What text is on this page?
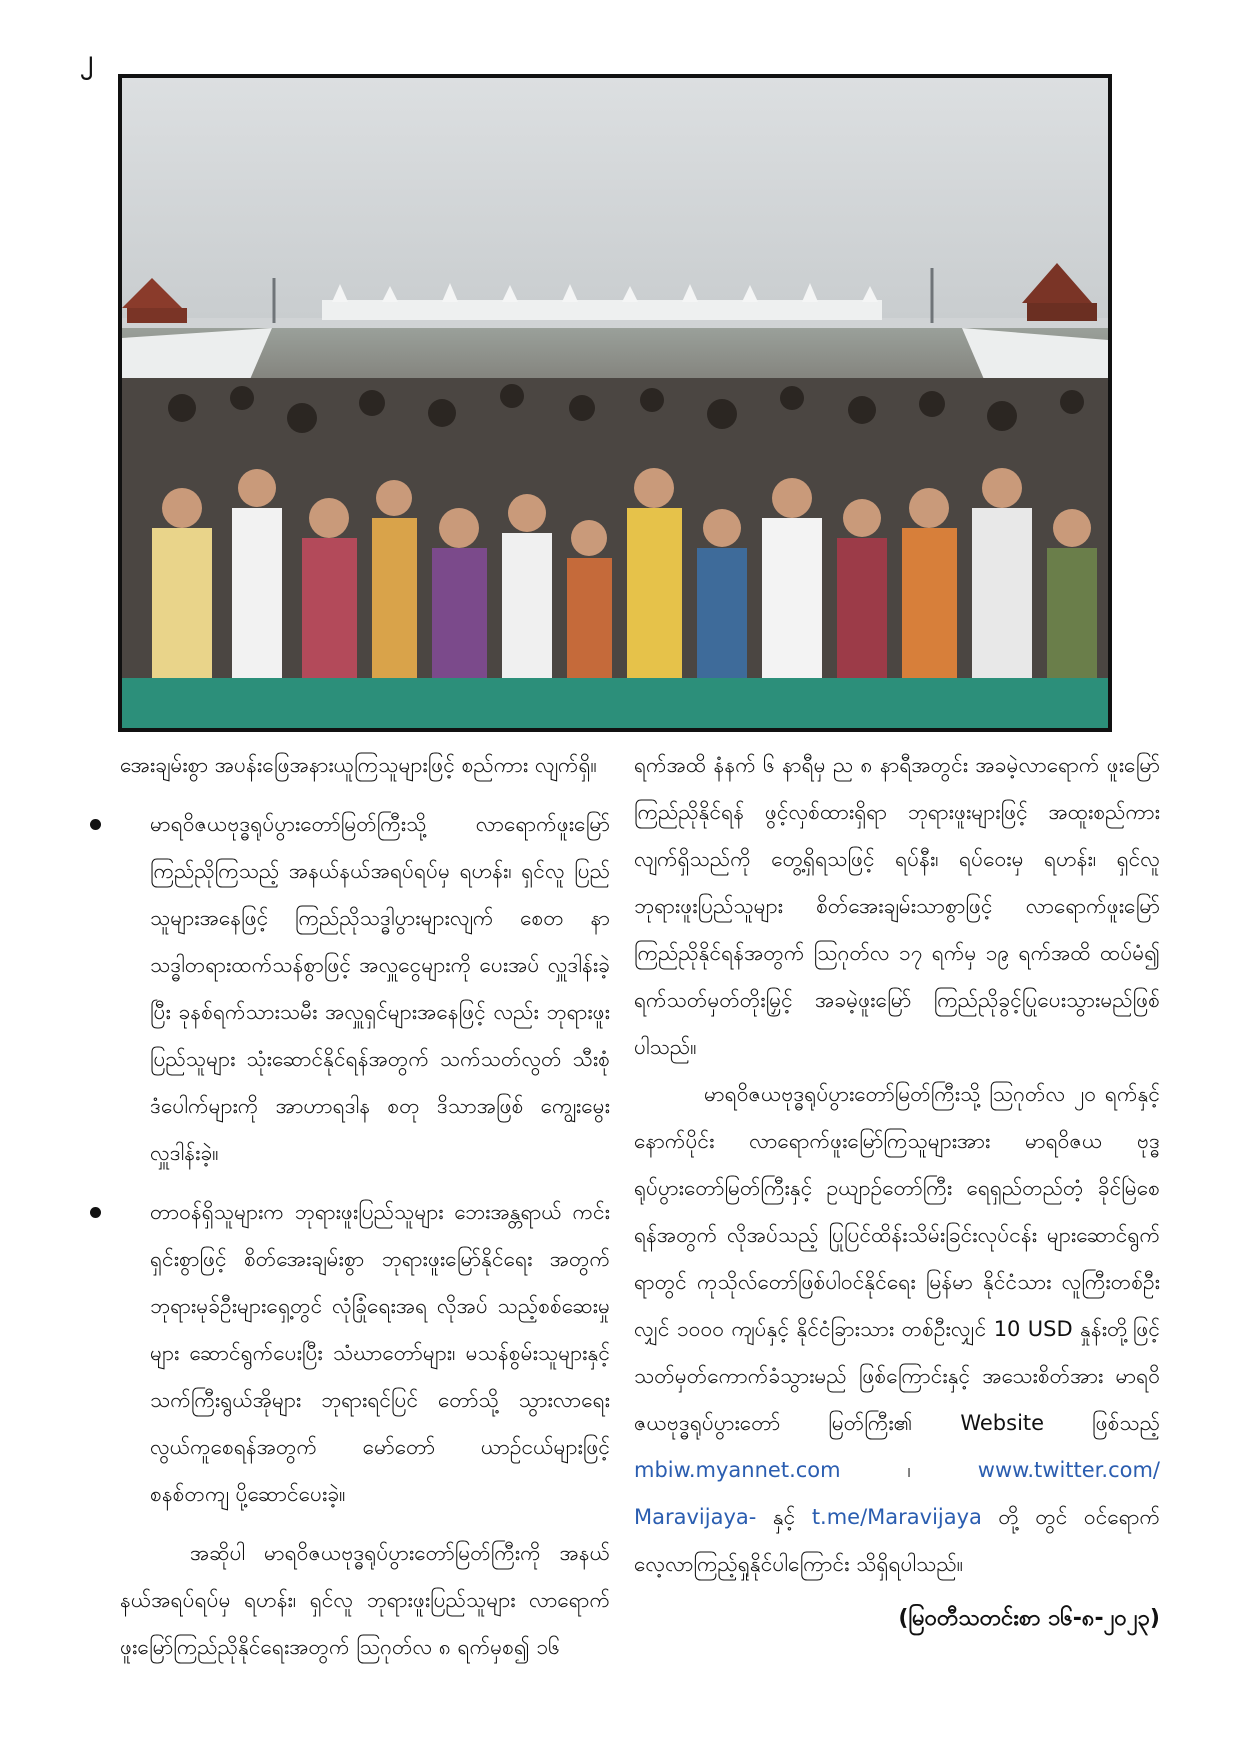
၂

အေးချမ်းစွာ အပန်းဖြေအနားယူကြသူများဖြင့် စည်ကား လျက်ရှိ။

မာရဝိဇယဗုဒ္ဓရုပ်ပွားတော်မြတ်ကြီးသို့ လာရောက်ဖူးမြော် ကြည်ညိုကြသည့် အနယ်နယ်အရပ်ရပ်မှ ရဟန်း၊ ရှင်လူ ပြည်သူများအနေဖြင့် ကြည်ညိုသဒ္ဓါပွားများလျက် စေတ နာသဒ္ဓါတရားထက်သန်စွာဖြင့် အလှူငွေများကို ပေးအပ် လှူဒါန်းခဲ့ပြီး ခုနစ်ရက်သားသမီး အလှူရှင်များအနေဖြင့် လည်း ဘုရားဖူးပြည်သူများ သုံးဆောင်နိုင်ရန်အတွက် သက်သတ်လွတ် သီးစုံဒံပေါက်များကို အာဟာရဒါန စတု ဒိသာအဖြစ် ကျွေးမွေးလှူဒါန်းခဲ့။

တာဝန်ရှိသူများက ဘုရားဖူးပြည်သူများ ဘေးအန္တရာယ် ကင်းရှင်းစွာဖြင့် စိတ်အေးချမ်းစွာ ဘုရားဖူးမြော်နိုင်ရေး အတွက် ဘုရားမုခ်ဦးများရှေ့တွင် လုံခြုံရေးအရ လိုအပ် သည့်စစ်ဆေးမှုများ ဆောင်ရွက်ပေးပြီး သံဃာတော်များ၊ မသန်စွမ်းသူများနှင့် သက်ကြီးရွယ်အိုများ ဘုရားရင်ပြင် တော်သို့ သွားလာရေးလွယ်ကူစေရန်အတွက် မော်တော် ယာဉ်ငယ်များဖြင့် စနစ်တကျ ပို့ဆောင်ပေးခဲ့။

အဆိုပါ မာရဝိဇယဗုဒ္ဓရုပ်ပွားတော်မြတ်ကြီးကို အနယ် နယ်အရပ်ရပ်မှ ရဟန်း၊ ရှင်လူ ဘုရားဖူးပြည်သူများ လာရောက် ဖူးမြော်ကြည်ညိုနိုင်ရေးအတွက် ဩဂုတ်လ ၈ ရက်မှစ၍ ၁၆

ရက်အထိ နံနက် ၆ နာရီမှ ည ၈ နာရီအတွင်း အခမဲ့လာရောက် ဖူးမြော်ကြည်ညိုနိုင်ရန် ဖွင့်လှစ်ထားရှိရာ ဘုရားဖူးများဖြင့် အထူးစည်ကားလျက်ရှိသည်ကို တွေ့ရှိရသဖြင့် ရပ်နီး၊ ရပ်ဝေးမှ ရဟန်း၊ ရှင်လူ ဘုရားဖူးပြည်သူများ စိတ်အေးချမ်းသာစွာဖြင့် လာရောက်ဖူးမြော်ကြည်ညိုနိုင်ရန်အတွက် ဩဂုတ်လ ၁၇ ရက်မှ ၁၉ ရက်အထိ ထပ်မံ၍ ရက်သတ်မှတ်တိုးမြှင့် အခမဲ့ဖူးမြော် ကြည်ညိုခွင့်ပြုပေးသွားမည်ဖြစ်ပါသည်။

မာရဝိဇယဗုဒ္ဓရုပ်ပွားတော်မြတ်ကြီးသို့ ဩဂုတ်လ ၂၀ ရက်နှင့်နောက်ပိုင်း လာရောက်ဖူးမြော်ကြသူများအား မာရဝိဇယ ဗုဒ္ဓရုပ်ပွားတော်မြတ်ကြီးနှင့် ဥယျာဉ်တော်ကြီး ရေရှည်တည်တံ့ ခိုင်မြဲစေရန်အတွက် လိုအပ်သည့် ပြုပြင်ထိန်းသိမ်းခြင်းလုပ်ငန်း များဆောင်ရွက်ရာတွင် ကုသိုလ်တော်ဖြစ်ပါဝင်နိုင်ရေး မြန်မာ နိုင်ငံသား လူကြီးတစ်ဦးလျှင် ၁၀၀၀ ကျပ်နှင့် နိုင်ငံခြားသား တစ်ဦးလျှင် 10 USD နှုန်းတို့ဖြင့် သတ်မှတ်ကောက်ခံသွားမည် ဖြစ်ကြောင်းနှင့် အသေးစိတ်အား မာရဝိဇယဗုဒ္ဓရုပ်ပွားတော် မြတ်ကြီး၏ Website ဖြစ်သည့် mbiw.myannet.com ၊ www.twitter.com/ Maravijaya- နှင့် t.me/Maravijaya တို့ တွင် ဝင်ရောက်လေ့လာကြည့်ရှုနိုင်ပါကြောင်း သိရှိရပါသည်။

(မြဝတီသတင်းစာ ၁၆-၈-၂၀၂၃)
